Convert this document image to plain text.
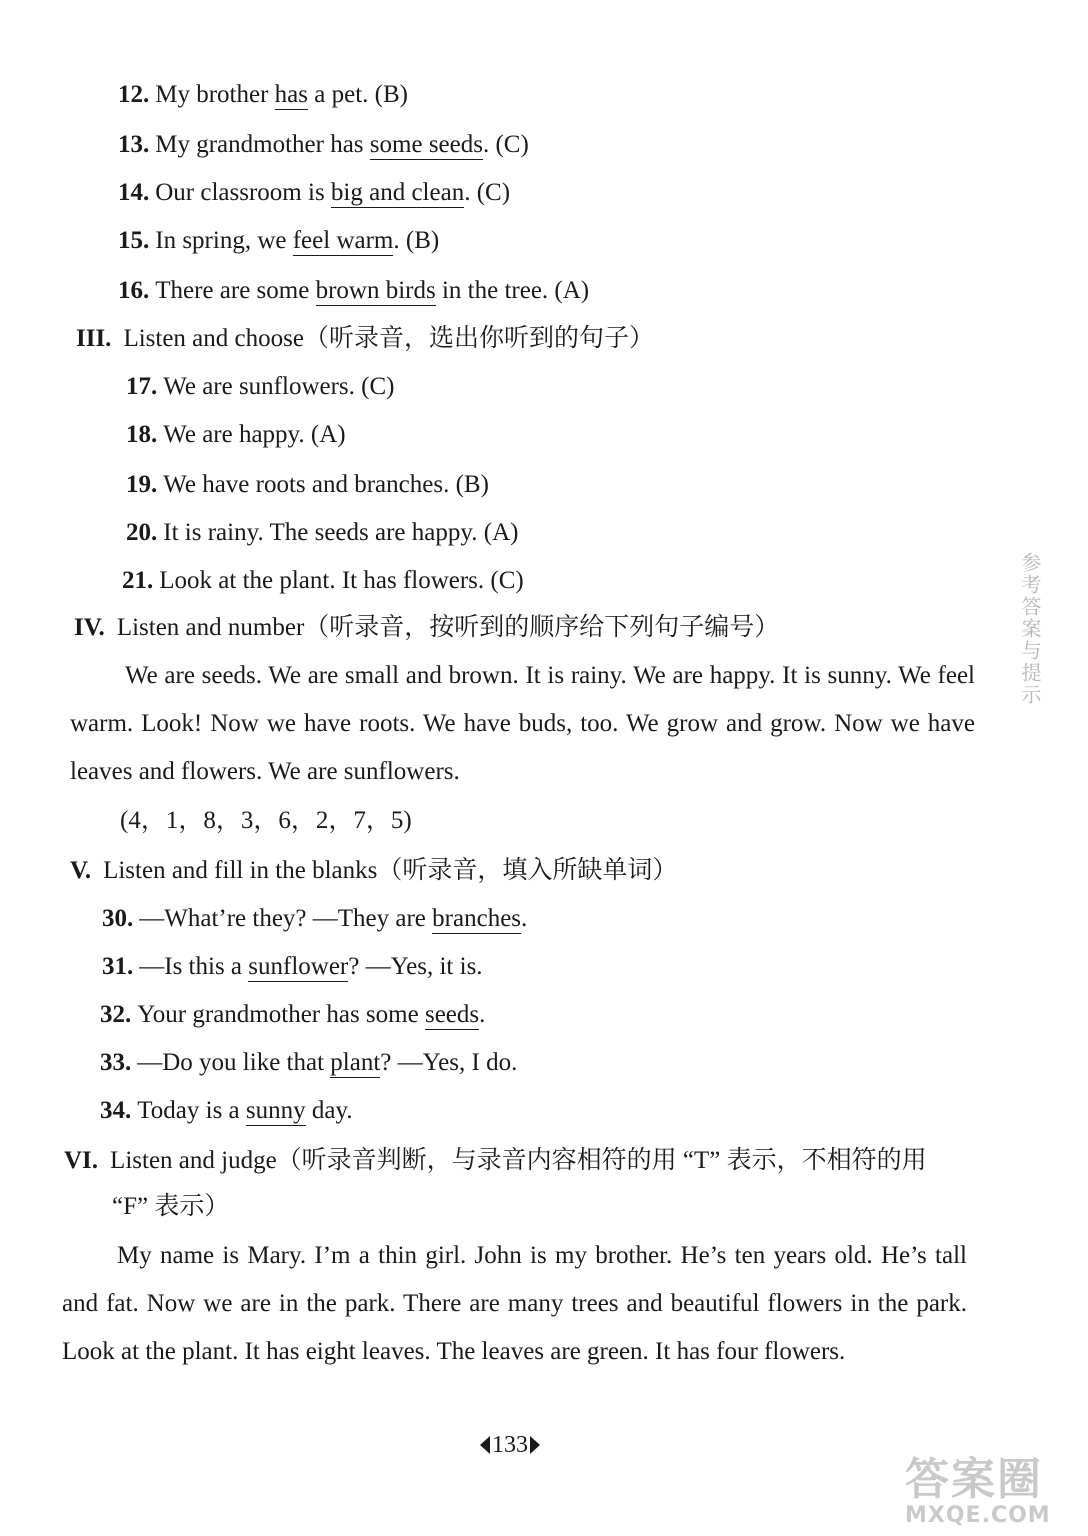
12. My brother has a pet. (B)
13. My grandmother has some seeds. (C)
14. Our classroom is big and clean. (C)
15. In spring, we feel warm. (B)
16. There are some brown birds in the tree. (A)
III. Listen and choose（听录音，选出你听到的句子）
17. We are sunflowers. (C)
18. We are happy. (A)
19. We have roots and branches. (B)
20. It is rainy. The seeds are happy. (A)
21. Look at the plant. It has flowers. (C)
IV. Listen and number（听录音，按听到的顺序给下列句子编号）
We are seeds. We are small and brown. It is rainy. We are happy. It is sunny. We feel warm. Look! Now we have roots. We have buds, too. We grow and grow. Now we have leaves and flowers. We are sunflowers.
(4，1，8，3，6，2，7，5)
V. Listen and fill in the blanks（听录音，填入所缺单词）
30. —What’re they? —They are branches.
31. —Is this a sunflower? —Yes, it is.
32. Your grandmother has some seeds.
33. —Do you like that plant? —Yes, I do.
34. Today is a sunny day.
VI. Listen and judge（听录音判断，与录音内容相符的用 “T” 表示，不相符的用
“F” 表示）
My name is Mary. I’m a thin girl. John is my brother. He’s ten years old. He’s tall and fat. Now we are in the park. There are many trees and beautiful flowers in the park. Look at the plant. It has eight leaves. The leaves are green. It has four flowers.
参考答案与提示
133
答案圈
MXQE.COM
